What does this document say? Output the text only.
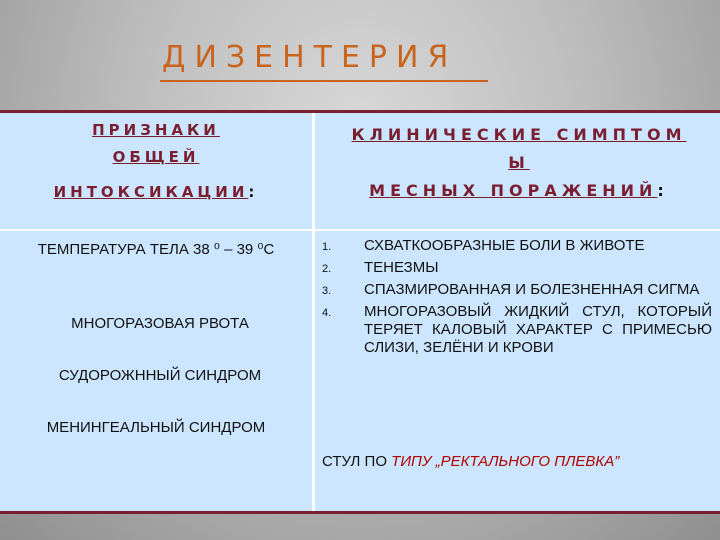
ДИЗЕНТЕРИЯ
ПРИЗНАКИ
ОБЩЕЙ
ИНТОКСИКАЦИИ:
КЛИНИЧЕСКИЕ СИМПТОМ
Ы
МЕСНЫХ ПОРАЖЕНИЙ:
ТЕМПЕРАТУРА ТЕЛА 38 ⁰ – 39 ⁰С
МНОГОРАЗОВАЯ РВОТА
СУДОРОЖННЫЙ СИНДРОМ
МЕНИНГЕАЛЬНЫЙ СИНДРОМ
1. СХВАТКООБРАЗНЫЕ БОЛИ В ЖИВОТЕ
2. ТЕНЕЗМЫ
3. СПАЗМИРОВАННАЯ И БОЛЕЗНЕННАЯ СИГМА
4. МНОГОРАЗОВЫЙ ЖИДКИЙ СТУЛ, КОТОРЫЙ ТЕРЯЕТ КАЛОВЫЙ ХАРАКТЕР С ПРИМЕСЬЮ СЛИЗИ, ЗЕЛЁНИ И КРОВИ
СТУЛ ПО ТИПУ „РЕКТАЛЬНОГО ПЛЕВКА”
